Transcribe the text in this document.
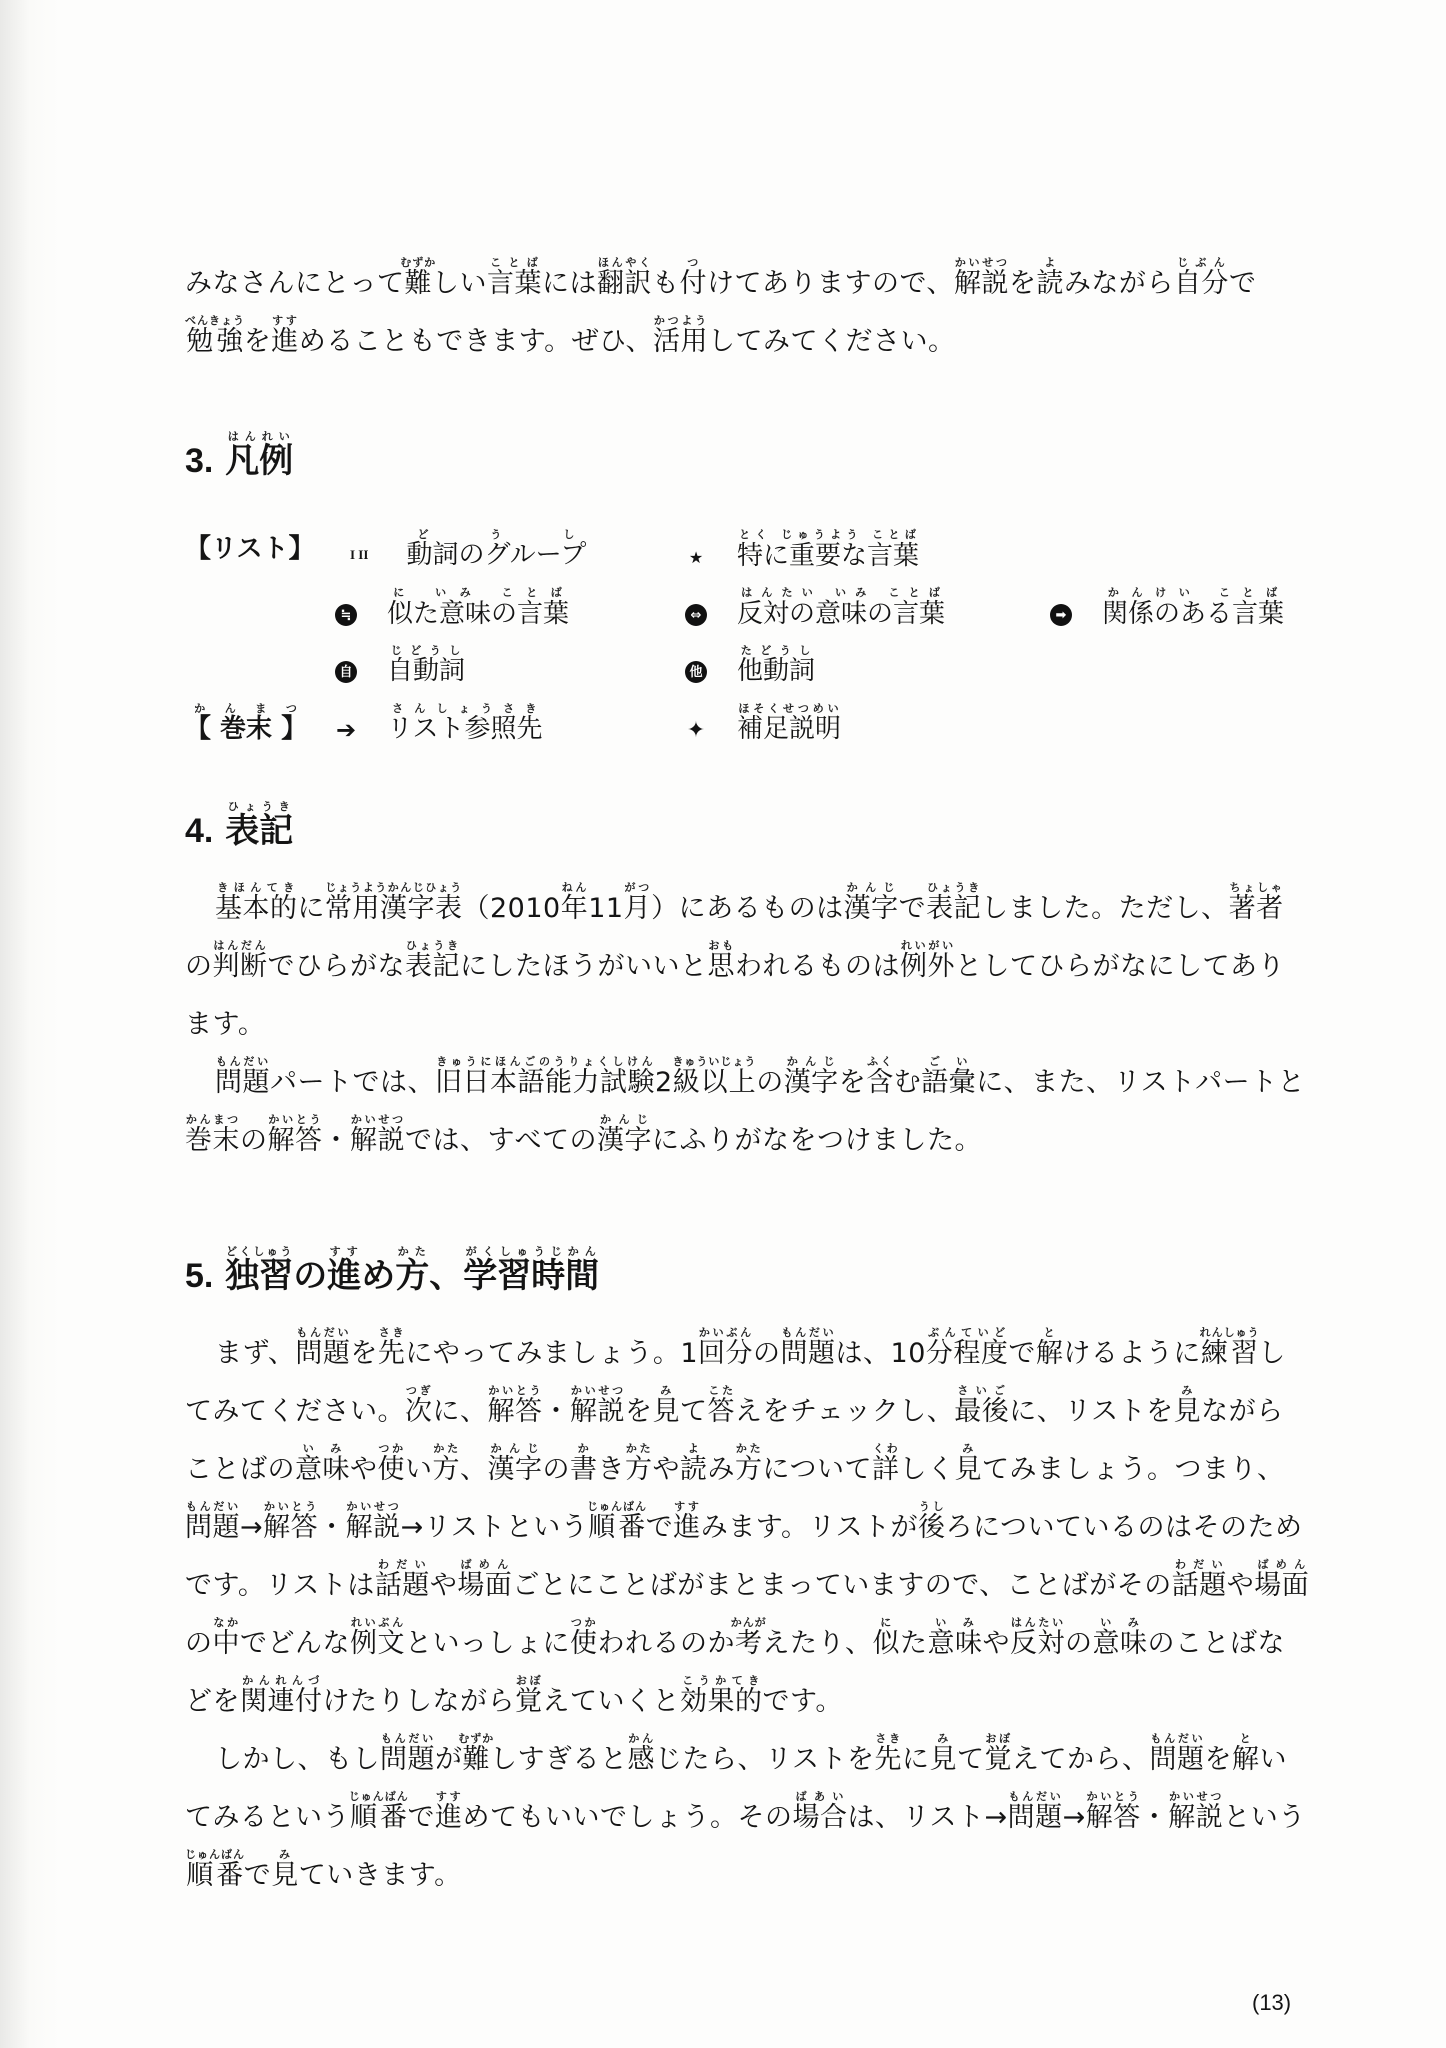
みなさんにとって難むずかしい言葉ことばには翻訳ほんやくも付つけてありますので、解説かいせつを読よみながら自分じぶんで勉強べんきょうを進すすめることもできます。ぜひ、活用かつようしてみてください。

3. 凡例はんれい
【リスト】	I II 動詞のグループどうし
★ 特に重要な言葉とく じゅうよう ことば
≒ 似た意味の言葉に いみ ことば
⇔ 反対の意味の言葉はんたい いみ ことば
➡ 関係のある言葉かんけい ことば
自 自動詞じどうし
他 他動詞たどうし
【 巻末 】かんまつ
➔ リスト参照先さんしょうさき
✦ 補足説明ほそくせつめい
4. 表記ひょうき

基本的きほんてきに常用漢字表じょうようかんじひょう（2010年ねん11月がつ）にあるものは漢字かんじで表記ひょうきしました。ただし、著者ちょしゃの判断はんだんでひらがな表記ひょうきにしたほうがいいと思おもわれるものは例外れいがいとしてひらがなにしてあります。

問題もんだいパートでは、旧日本語能力試験きゅうにほんごのうりょくしけん2級以上きゅういじょうの漢字かんじを含ふくむ語彙ごいに、また、リストパートと巻末かんまつの解答かいとう・解説かいせつでは、すべての漢字かんじにふりがなをつけました。

5. 独習どくしゅうの進すすめ方かた、学習時間がくしゅうじかん

まず、問題もんだいを先さきにやってみましょう。1回分かいぶんの問題もんだいは、10分程度ぶんていどで解とけるように練習れんしゅうしてみてください。次つぎに、解答かいとう・解説かいせつを見みて答こたえをチェックし、最後さいごに、リストを見みながらことばの意味いみや使つかい方かた、漢字かんじの書かき方かたや読よみ方かたについて詳くわしく見みてみましょう。つまり、問題もんだい→解答かいとう・解説かいせつ→リストという順番じゅんばんで進すすみます。リストが後うしろについているのはそのためです。リストは話題わだいや場面ばめんごとにことばがまとまっていますので、ことばがその話題わだいや場面ばめんの中なかでどんな例文れいぶんといっしょに使つかわれるのか考かんがえたり、似にた意味いみや反対はんたいの意味いみのことばなどを関連付かんれんづけたりしながら覚おぼえていくと効果的こうかてきです。

しかし、もし問題もんだいが難むずかしすぎると感かんじたら、リストを先さきに見みて覚おぼえてから、問題もんだいを解といてみるという順番じゅんばんで進すすめてもいいでしょう。その場合ばあいは、リスト→問題もんだい→解答かいとう・解説かいせつという順番じゅんばんで見みていきます。

(13)
